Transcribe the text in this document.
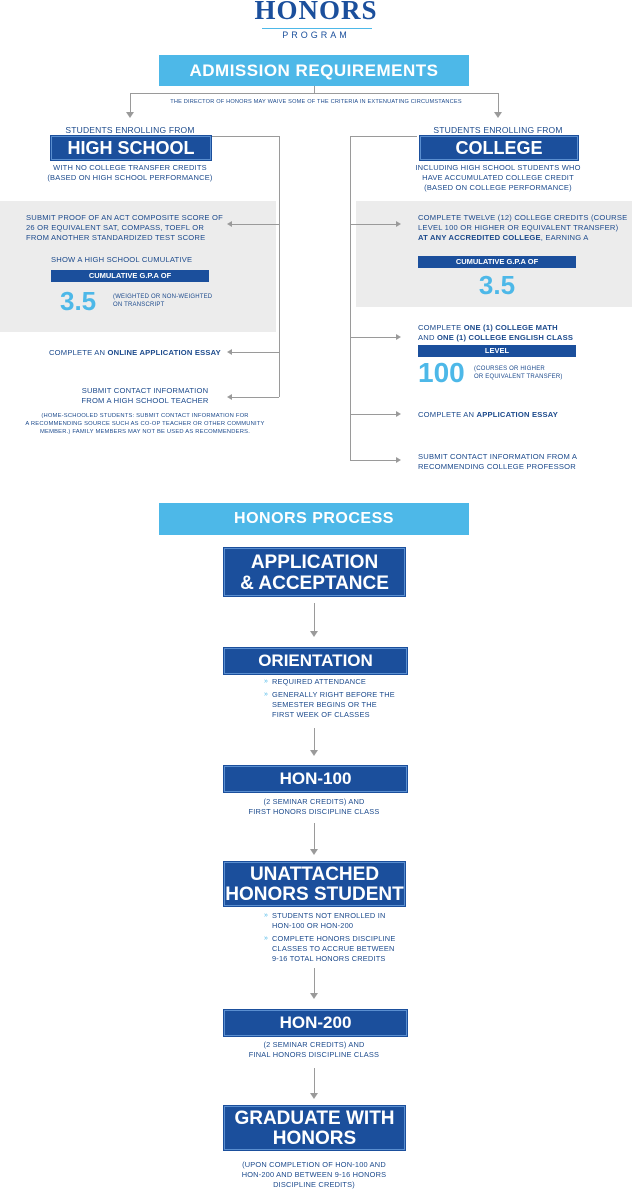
HONORS
PROGRAM
ADMISSION REQUIREMENTS
THE DIRECTOR OF HONORS MAY WAIVE SOME OF THE CRITERIA IN EXTENUATING CIRCUMSTANCES
STUDENTS ENROLLING FROM
HIGH SCHOOL
WITH NO COLLEGE TRANSFER CREDITS
(BASED ON HIGH SCHOOL PERFORMANCE)
SUBMIT PROOF OF AN ACT COMPOSITE SCORE OF
26 OR EQUIVALENT SAT, COMPASS, TOEFL OR
FROM ANOTHER STANDARDIZED TEST SCORE
SHOW A HIGH SCHOOL CUMULATIVE
CUMULATIVE G.P.A OF
3.5	(WEIGHTED OR NON-WEIGHTED
ON TRANSCRIPT
COMPLETE AN ONLINE APPLICATION ESSAY
SUBMIT CONTACT INFORMATION
FROM A HIGH SCHOOL TEACHER
(HOME-SCHOOLED STUDENTS: SUBMIT CONTACT INFORMATION FOR
A RECOMMENDING SOURCE SUCH AS CO-OP TEACHER OR OTHER COMMUNITY
MEMBER.) FAMILY MEMBERS MAY NOT BE USED AS RECOMMENDERS.
STUDENTS ENROLLING FROM
COLLEGE
INCLUDING HIGH SCHOOL STUDENTS WHO
HAVE ACCUMULATED COLLEGE CREDIT
(BASED ON COLLEGE PERFORMANCE)
COMPLETE TWELVE (12) COLLEGE CREDITS (COURSE
LEVEL 100 OR HIGHER OR EQUIVALENT TRANSFER)
AT ANY ACCREDITED COLLEGE, EARNING A
CUMULATIVE G.P.A OF
3.5
COMPLETE ONE (1) COLLEGE MATH
AND ONE (1) COLLEGE ENGLISH CLASS
LEVEL
100 (COURSES OR HIGHER
OR EQUIVALENT TRANSFER)
COMPLETE AN APPLICATION ESSAY
SUBMIT CONTACT INFORMATION FROM A
RECOMMENDING COLLEGE PROFESSOR
HONORS PROCESS
APPLICATION
& ACCEPTANCE
ORIENTATION
» REQUIRED ATTENDANCE
» GENERALLY RIGHT BEFORE THE
SEMESTER BEGINS OR THE
FIRST WEEK OF CLASSES
HON-100
(2 SEMINAR CREDITS) AND
FIRST HONORS DISCIPLINE CLASS
UNATTACHED
HONORS STUDENT
» STUDENTS NOT ENROLLED IN
HON-100 OR HON-200
» COMPLETE HONORS DISCIPLINE
CLASSES TO ACCRUE BETWEEN
9-16 TOTAL HONORS CREDITS
HON-200
(2 SEMINAR CREDITS) AND
FINAL HONORS DISCIPLINE CLASS
GRADUATE WITH
HONORS
(UPON COMPLETION OF HON-100 AND
HON-200 AND BETWEEN 9-16 HONORS
DISCIPLINE CREDITS)
